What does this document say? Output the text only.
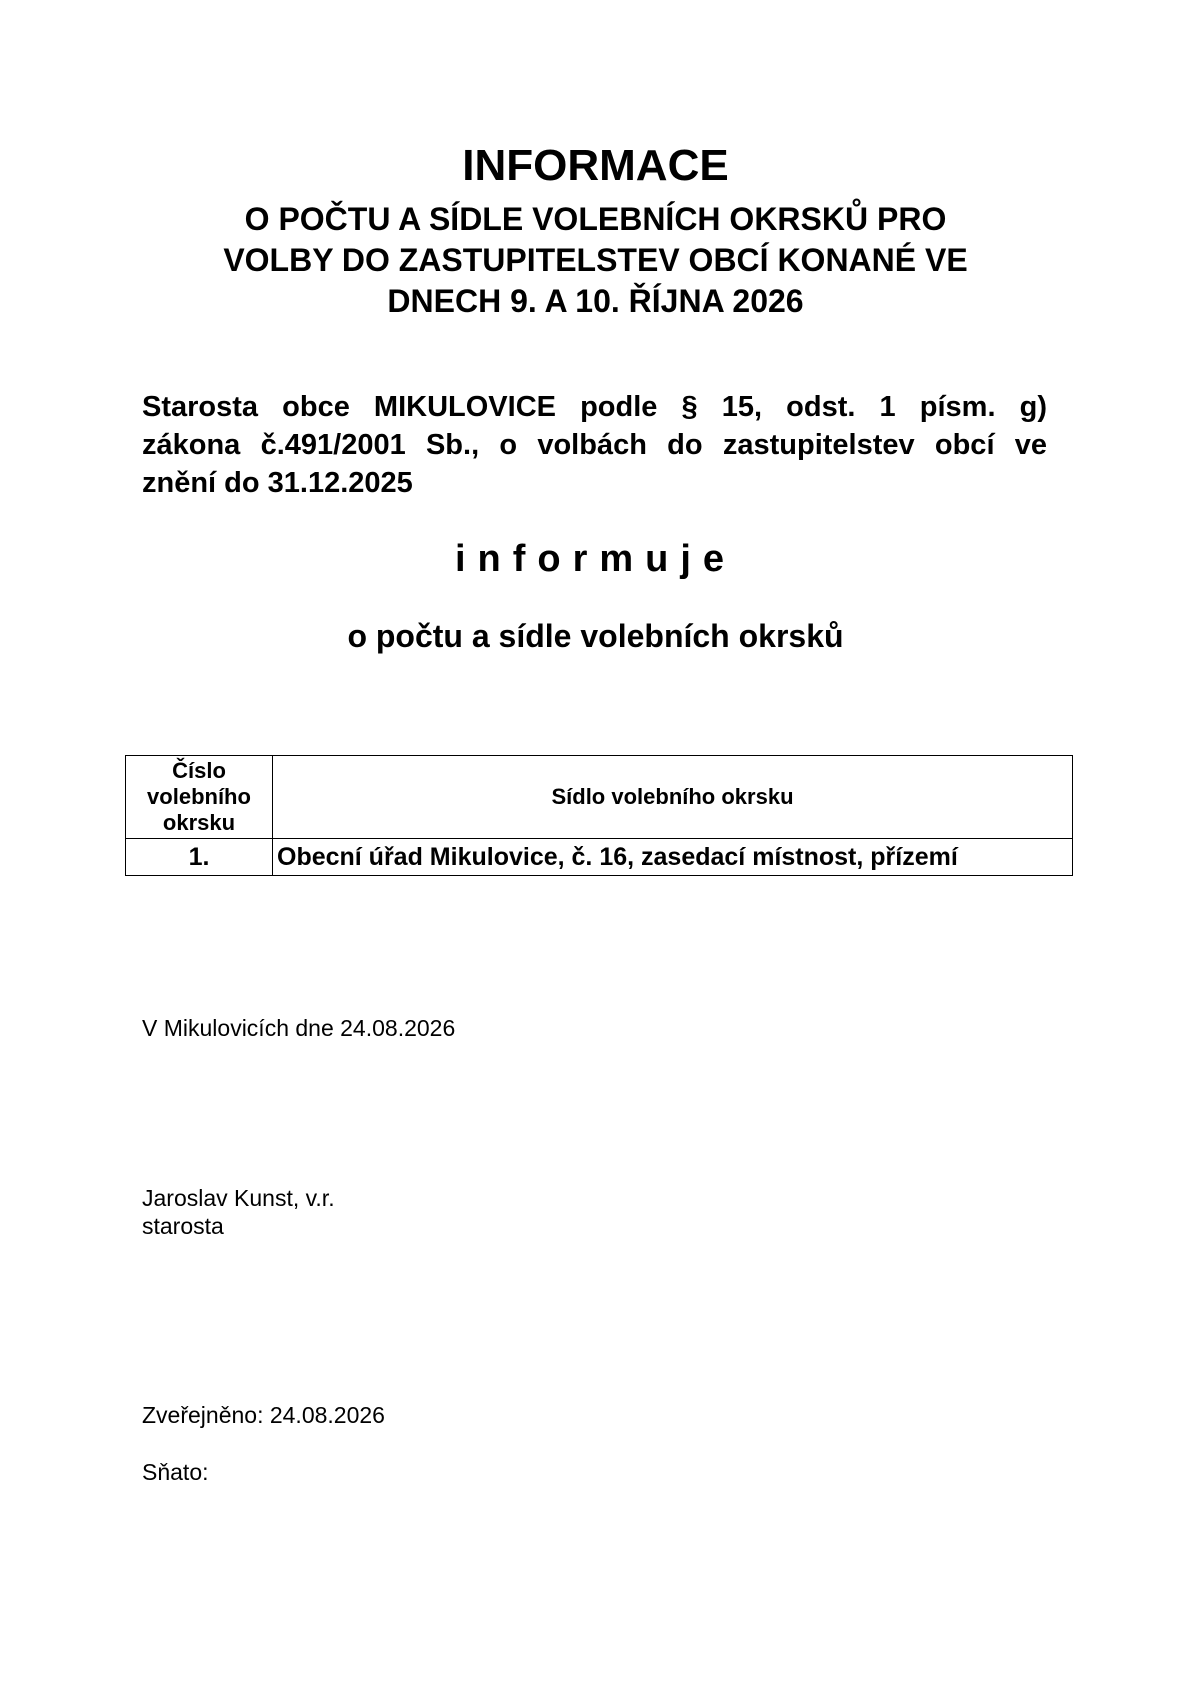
INFORMACE
O POČTU A SÍDLE VOLEBNÍCH OKRSKŮ PRO
VOLBY DO ZASTUPITELSTEV OBCÍ KONANÉ VE
DNECH 9. A 10. ŘÍJNA 2026

Starosta obce MIKULOVICE podle § 15, odst. 1 písm. g)
zákona č.491/2001 Sb., o volbách do zastupitelstev obcí ve
znění do 31.12.2025

informuje

o počtu a sídle volebních okrsků

Číslo
volebního
okrsku	Sídlo volebního okrsku
1.	Obecní úřad Mikulovice, č. 16, zasedací místnost, přízemí

V Mikulovicích dne 24.08.2026

Jaroslav Kunst, v.r.

starosta

Zveřejněno: 24.08.2026

Sňato:
